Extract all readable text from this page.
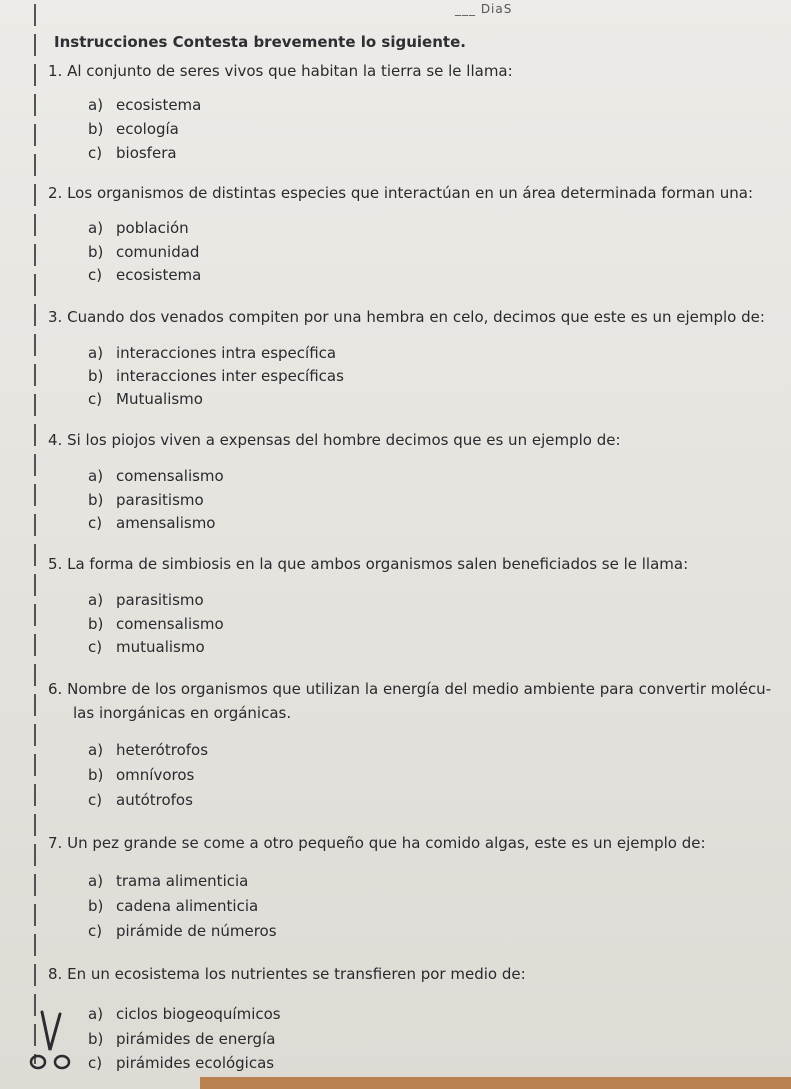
___ DiaS
Instrucciones Contesta brevemente lo siguiente.
1. Al conjunto de seres vivos que habitan la tierra se le llama:
a) ecosistema
b) ecología
c) biosfera
2. Los organismos de distintas especies que interactúan en un área determinada forman una:
a) población
b) comunidad
c) ecosistema
3. Cuando dos venados compiten por una hembra en celo, decimos que este es un ejemplo de:
a) interacciones intra específica
b) interacciones inter específicas
c) Mutualismo
4. Si los piojos viven a expensas del hombre decimos que es un ejemplo de:
a) comensalismo
b) parasitismo
c) amensalismo
5. La forma de simbiosis en la que ambos organismos salen beneficiados se le llama:
a) parasitismo
b) comensalismo
c) mutualismo
6. Nombre de los organismos que utilizan la energía del medio ambiente para convertir molécu-
las inorgánicas en orgánicas.
a) heterótrofos
b) omnívoros
c) autótrofos
7. Un pez grande se come a otro pequeño que ha comido algas, este es un ejemplo de:
a) trama alimenticia
b) cadena alimenticia
c) pirámide de números
8. En un ecosistema los nutrientes se transfieren por medio de:
a) ciclos biogeoquímicos
b) pirámides de energía
c) pirámides ecológicas
